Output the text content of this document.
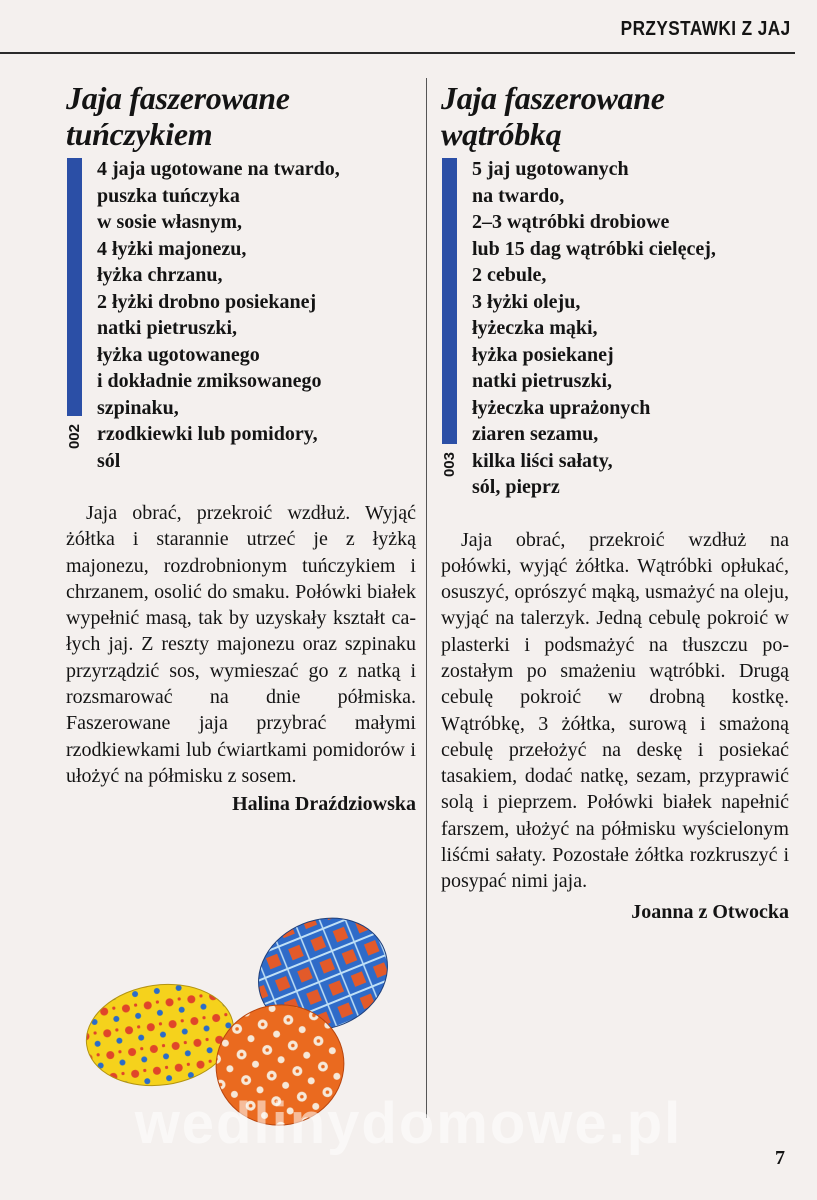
PRZYSTAWKI Z JAJ
Jaja faszerowane
tuńczykiem
002
4 jaja ugotowane na twardo,
puszka tuńczyka
w sosie własnym,
4 łyżki majonezu,
łyżka chrzanu,
2 łyżki drobno posiekanej
natki pietruszki,
łyżka ugotowanego
i dokładnie zmiksowanego
szpinaku,
rzodkiewki lub pomidory,
sól

Jaja obrać, przekroić wzdłuż. Wyjąć żółtka i starannie utrzeć je z łyżką majonezu, rozdrobnionym tuńczykiem i chrzanem, osolić do smaku. Połówki białek wypełnić masą, tak by uzyskały kształt całych jaj. Z reszty majonezu oraz szpinaku przyrządzić sos, wymieszać go z natką i rozsmarować na dnie półmiska. Faszerowane jaja przybrać małymi rzodkiewkami lub ćwiartkami pomidorów i ułożyć na półmisku z sosem.

Halina Draździowska

Jaja faszerowane
wątróbką
003
5 jaj ugotowanych
na twardo,
2–3 wątróbki drobiowe
lub 15 dag wątróbki cielęcej,
2 cebule,
3 łyżki oleju,
łyżeczka mąki,
łyżka posiekanej
natki pietruszki,
łyżeczka uprażonych
ziaren sezamu,
kilka liści sałaty,
sól, pieprz

Jaja obrać, przekroić wzdłuż na połówki, wyjąć żółtka. Wątróbki opłukać, osuszyć, oprószyć mąką, usmażyć na oleju, wyjąć na talerzyk. Jedną cebulę pokroić w plasterki i podsmażyć na tłuszczu pozostałym po smażeniu wątróbki. Drugą cebulę pokroić w drobną kostkę. Wątróbkę, 3 żółtka, surową i smażoną cebulę przełożyć na deskę i posiekać tasakiem, dodać natkę, sezam, przyprawić solą i pieprzem. Połówki białek napełnić farszem, ułożyć na półmisku wyścielonym liśćmi sałaty. Pozostałe żółtka rozkruszyć i posypać nimi jaja.

Joanna z Otwocka

wedlinydomowe.pl
7
